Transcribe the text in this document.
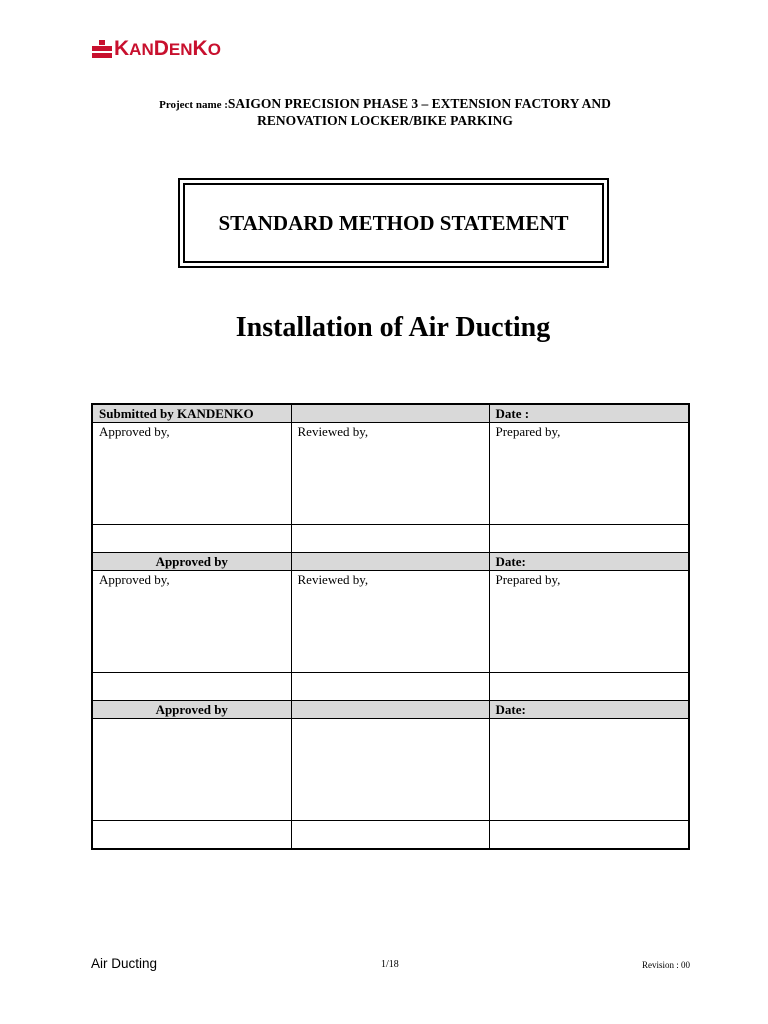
KANDENKO
Project name :SAIGON PRECISION PHASE 3 – EXTENSION FACTORY AND
RENOVATION LOCKER/BIKE PARKING
STANDARD METHOD STATEMENT
Installation of Air Ducting
Submitted by KANDENKO		Date :
Approved by,	Reviewed by,	Prepared by,

Approved by		Date:
Approved by,	Reviewed by,	Prepared by,

Approved by		Date:

Air Ducting	1/18	Revision : 00
